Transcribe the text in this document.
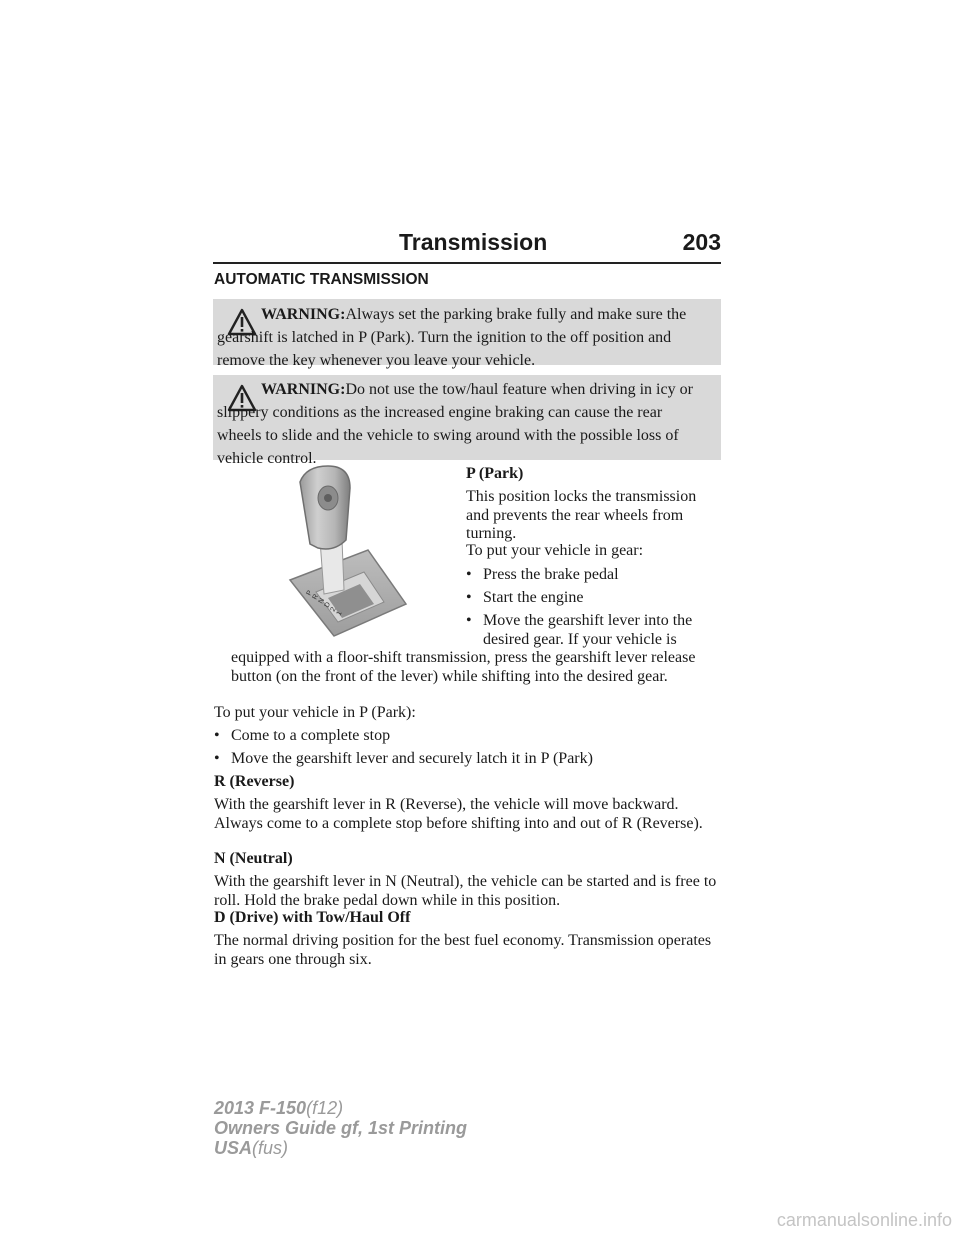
Transmission	203
AUTOMATIC TRANSMISSION
WARNING:Always set the parking brake fully and make sure the gearshift is latched in P (Park). Turn the ignition to the off position and remove the key whenever you leave your vehicle.
WARNING:Do not use the tow/haul feature when driving in icy or slippery conditions as the increased engine braking can cause the rear wheels to slide and the vehicle to swing around with the possible loss of vehicle control.
P
R
N
D
2
1
P (Park)
This position locks the transmission and prevents the rear wheels from turning.
To put your vehicle in gear:
• Press the brake pedal
• Start the engine
• Move the gearshift lever into the
desired gear. If your vehicle is
equipped with a floor-shift transmission, press the gearshift lever release button (on the front of the lever) while shifting into the desired gear.
To put your vehicle in P (Park):
• Come to a complete stop
• Move the gearshift lever and securely latch it in P (Park)
R (Reverse)
With the gearshift lever in R (Reverse), the vehicle will move backward. Always come to a complete stop before shifting into and out of R (Reverse).
N (Neutral)
With the gearshift lever in N (Neutral), the vehicle can be started and is free to roll. Hold the brake pedal down while in this position.
D (Drive) with Tow/Haul Off
The normal driving position for the best fuel economy. Transmission operates in gears one through six.
2013 F-150(f12)
Owners Guide gf, 1st Printing
USA(fus)
carmanualsonline.info
